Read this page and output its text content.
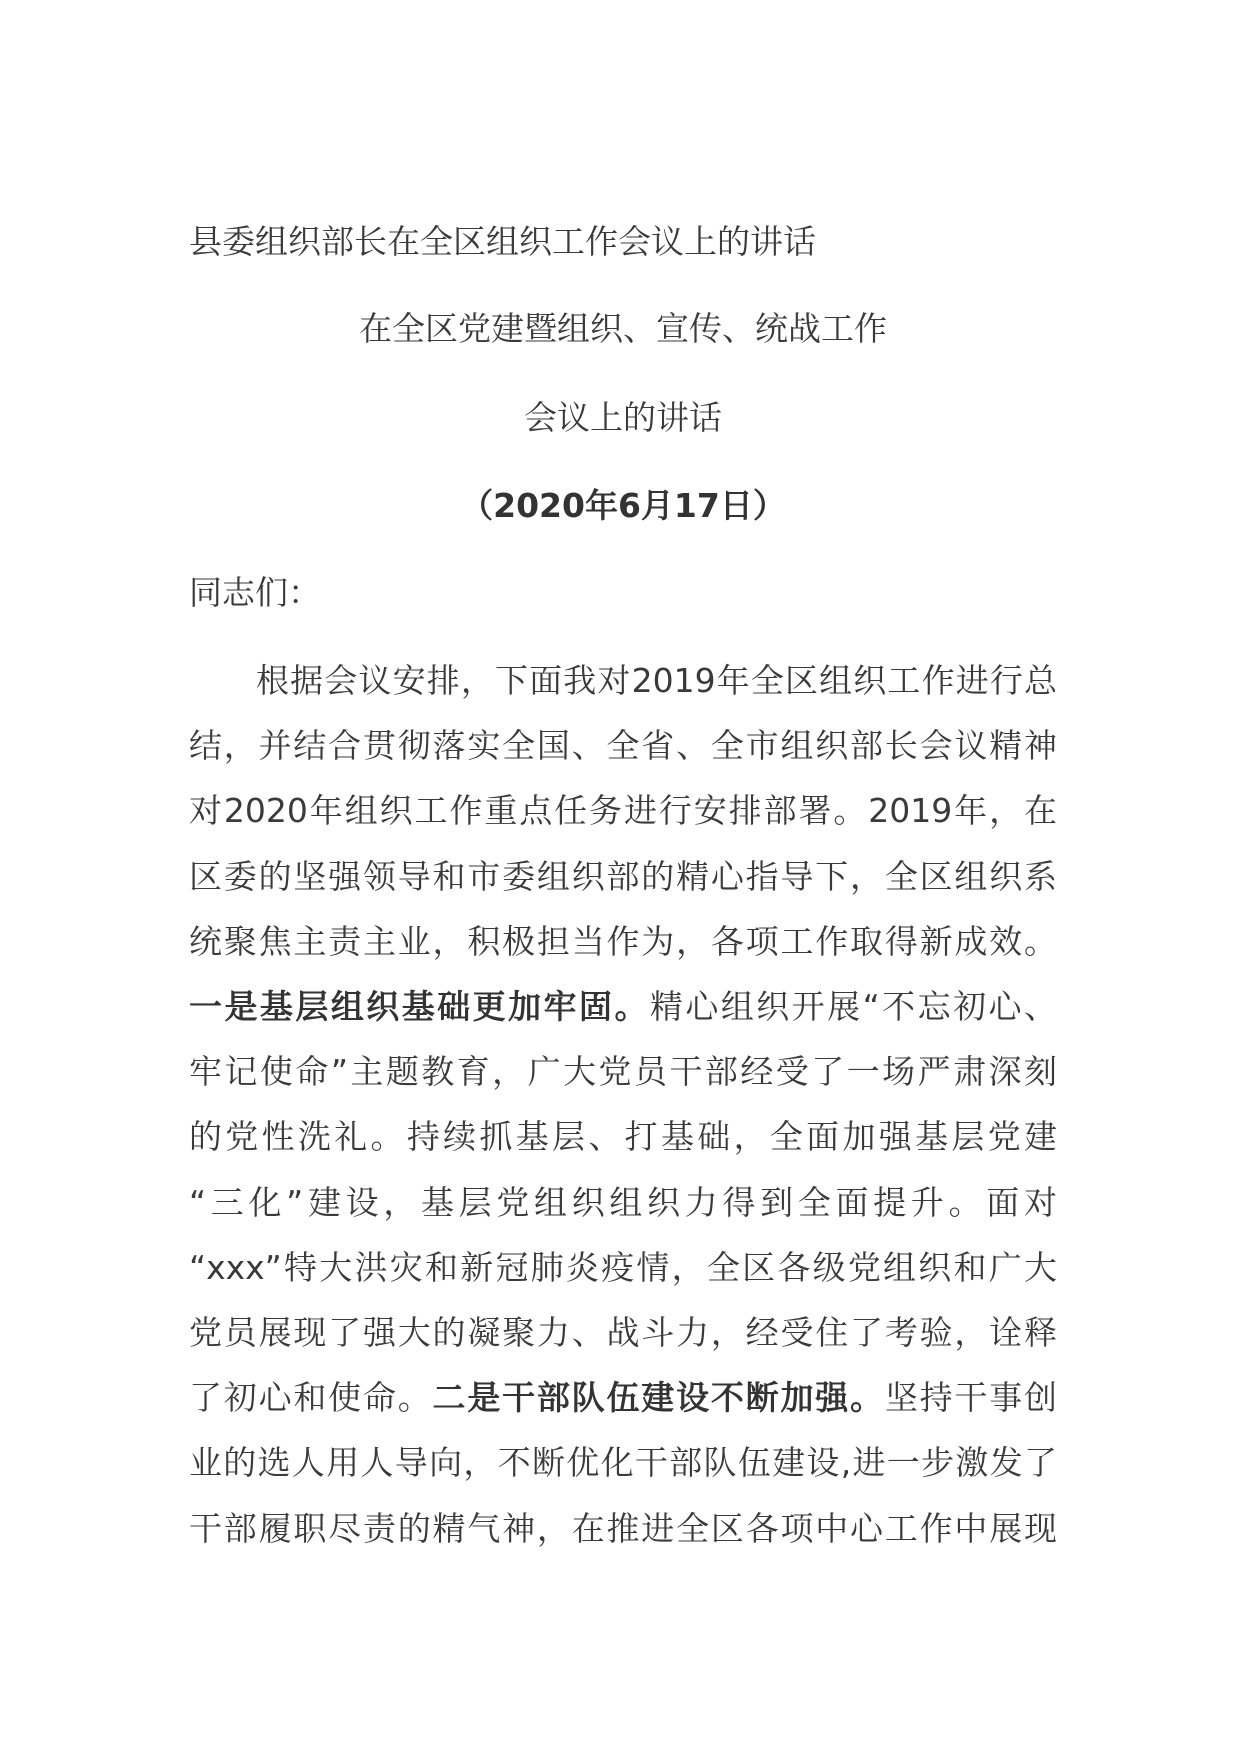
县委组织部长在全区组织工作会议上的讲话
在全区党建暨组织、宣传、统战工作
会议上的讲话
（2020年6月17日）
同志们：
根据会议安排，下面我对2019年全区组织工作进行总
结，并结合贯彻落实全国、全省、全市组织部长会议精神
对2020年组织工作重点任务进行安排部署。2019年，在
区委的坚强领导和市委组织部的精心指导下，全区组织系
统聚焦主责主业，积极担当作为，各项工作取得新成效。
一是基层组织基础更加牢固。精心组织开展“不忘初心、
牢记使命”主题教育，广大党员干部经受了一场严肃深刻
的党性洗礼。持续抓基层、打基础，全面加强基层党建
“三化”建设，基层党组织组织力得到全面提升。面对
“xxx”特大洪灾和新冠肺炎疫情，全区各级党组织和广大
党员展现了强大的凝聚力、战斗力，经受住了考验，诠释
了初心和使命。二是干部队伍建设不断加强。坚持干事创
业的选人用人导向，不断优化干部队伍建设,进一步激发了
干部履职尽责的精气神，在推进全区各项中心工作中展现
